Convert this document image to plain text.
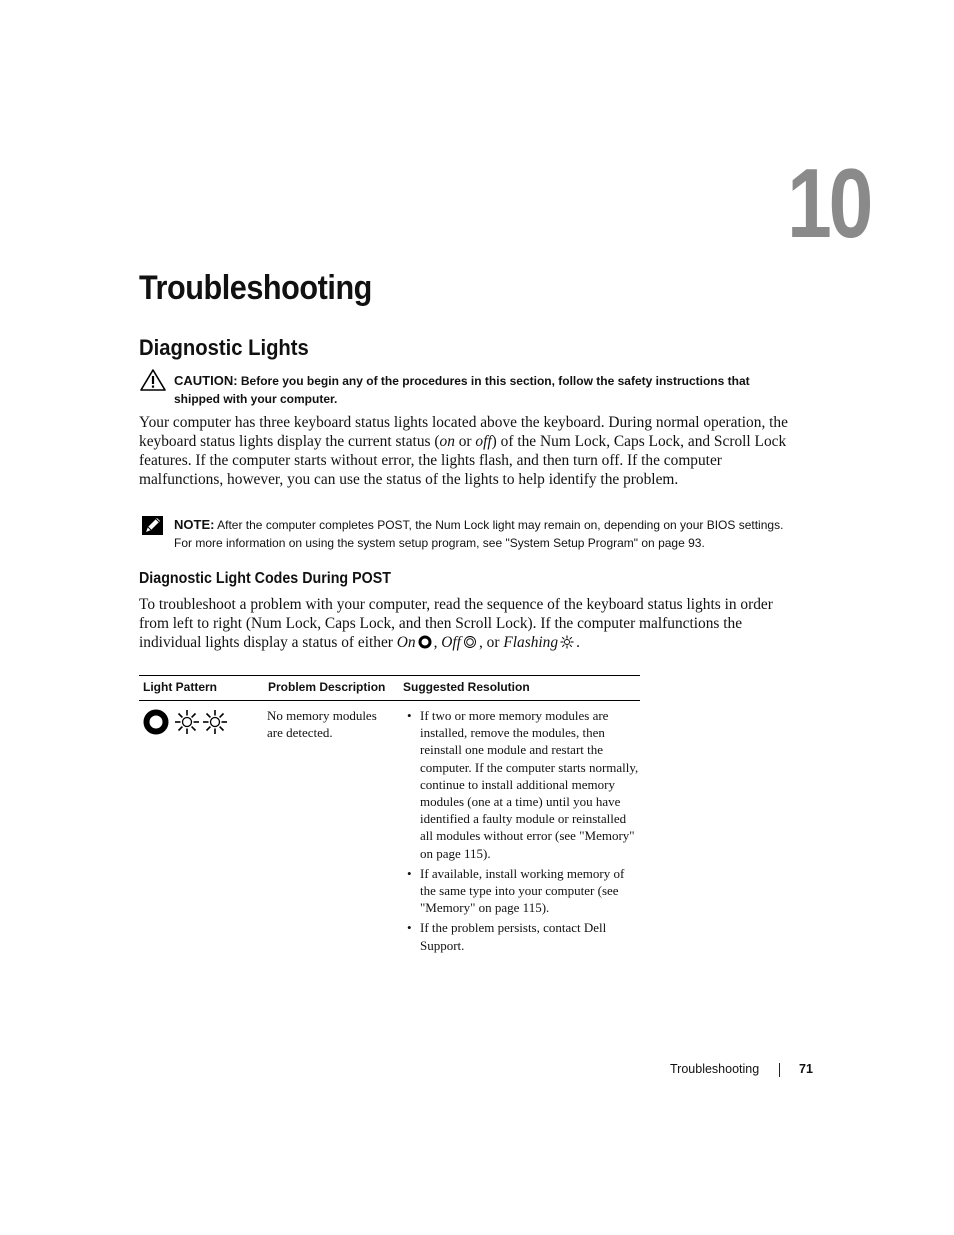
10
Troubleshooting
Diagnostic Lights
CAUTION: Before you begin any of the procedures in this section, follow the safety instructions that shipped with your computer.

Your computer has three keyboard status lights located above the keyboard. During normal operation, the keyboard status lights display the current status (on or off) of the Num Lock, Caps Lock, and Scroll Lock features. If the computer starts without error, the lights flash, and then turn off. If the computer malfunctions, however, you can use the status of the lights to help identify the problem.

NOTE: After the computer completes POST, the Num Lock light may remain on, depending on your BIOS settings. For more information on using the system setup program, see "System Setup Program" on page 93.
Diagnostic Light Codes During POST

To troubleshoot a problem with your computer, read the sequence of the keyboard status lights in order from left to right (Num Lock, Caps Lock, and then Scroll Lock). If the computer malfunctions the individual lights display a status of either On , Off , or Flashing .

Light Pattern	Problem Description Suggested Resolution
No memory modules are detected.
• If two or more memory modules are installed, remove the modules, then reinstall one module and restart the computer. If the computer starts normally, continue to install additional memory modules (one at a time) until you have identified a faulty module or reinstalled all modules without error (see "Memory" on page 115).
• If available, install working memory of the same type into your computer (see "Memory" on page 115).
• If the problem persists, contact Dell Support.
Troubleshooting	71
